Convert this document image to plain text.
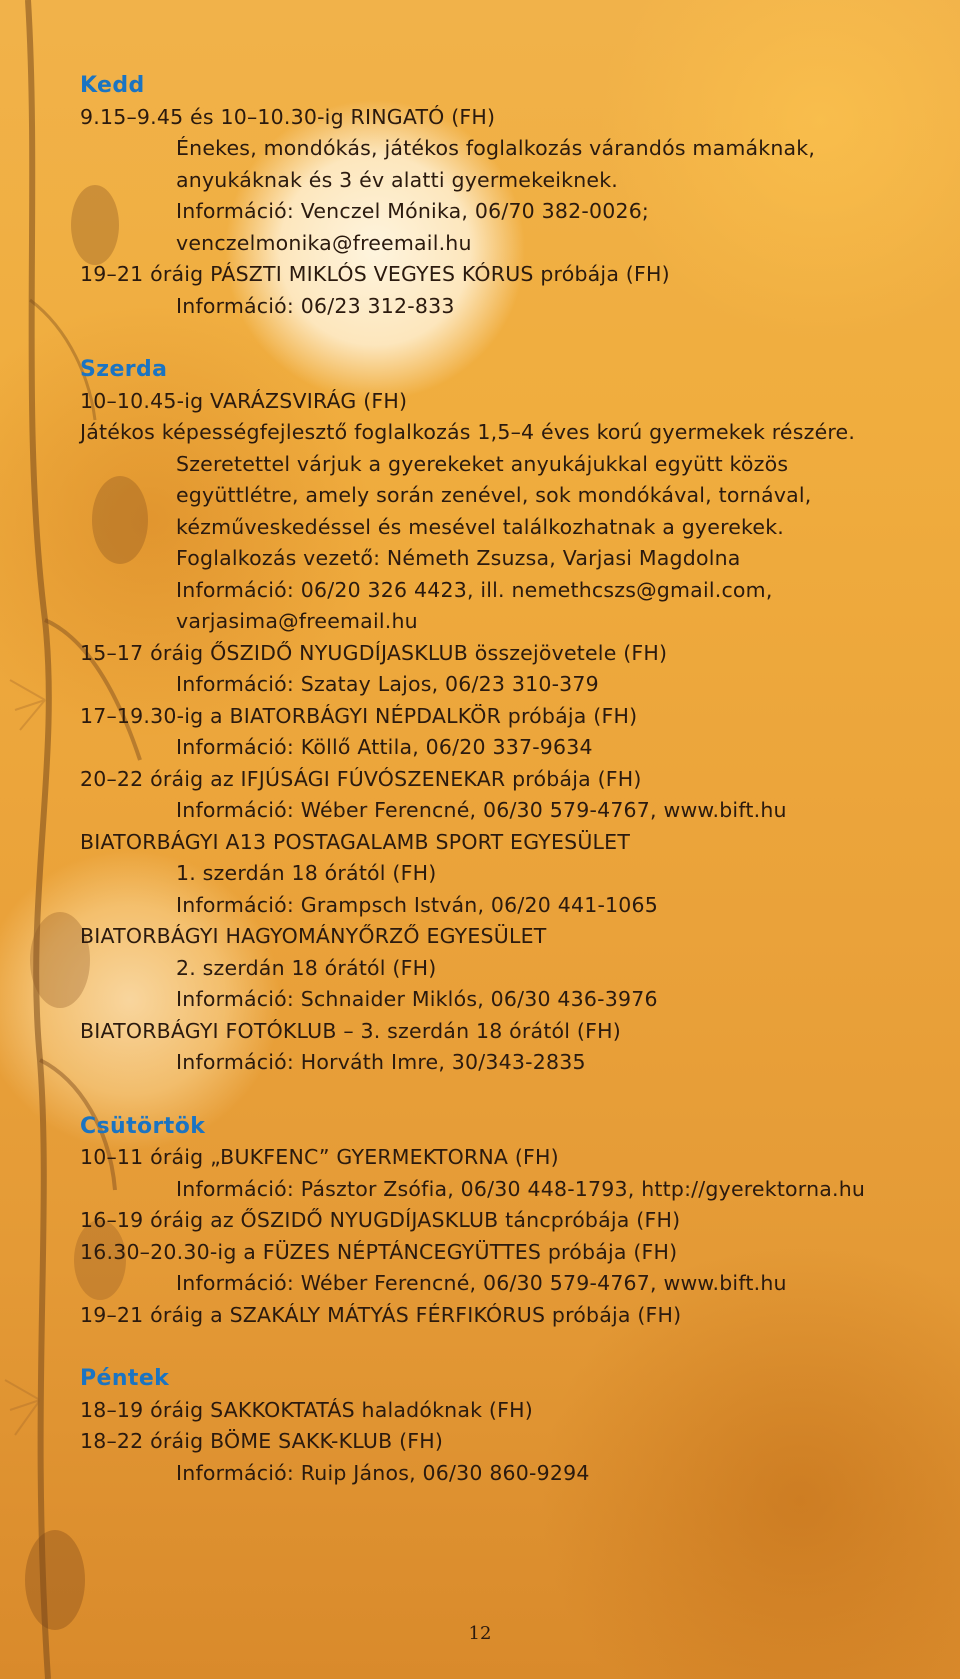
Kedd
9.15–9.45 és 10–10.30-ig RINGATÓ (FH)
Énekes, mondókás, játékos foglalkozás várandós mamáknak,
anyukáknak és 3 év alatti gyermekeiknek.
Információ: Venczel Mónika, 06/70 382-0026;
venczelmonika@freemail.hu
19–21 óráig PÁSZTI MIKLÓS VEGYES KÓRUS próbája (FH)
Információ: 06/23 312-833
Szerda
10–10.45-ig VARÁZSVIRÁG (FH)
Játékos képességfejlesztő foglalkozás 1,5–4 éves korú gyermekek részére.
Szeretettel várjuk a gyerekeket anyukájukkal együtt közös
együttlétre, amely során zenével, sok mondókával, tornával,
kézműveskedéssel és mesével találkozhatnak a gyerekek.
Foglalkozás vezető: Németh Zsuzsa, Varjasi Magdolna
Információ: 06/20 326 4423, ill. nemethcszs@gmail.com,
varjasima@freemail.hu
15–17 óráig ŐSZIDŐ NYUGDÍJASKLUB összejövetele (FH)
Információ: Szatay Lajos, 06/23 310-379
17–19.30-ig a BIATORBÁGYI NÉPDALKÖR próbája (FH)
Információ: Köllő Attila, 06/20 337-9634
20–22 óráig az IFJÚSÁGI FÚVÓSZENEKAR próbája (FH)
Információ: Wéber Ferencné, 06/30 579-4767, www.bift.hu
BIATORBÁGYI A13 POSTAGALAMB SPORT EGYESÜLET
1. szerdán 18 órától (FH)
Információ: Grampsch István, 06/20 441-1065
BIATORBÁGYI HAGYOMÁNYŐRZŐ EGYESÜLET
2. szerdán 18 órától (FH)
Információ: Schnaider Miklós, 06/30 436-3976
BIATORBÁGYI FOTÓKLUB – 3. szerdán 18 órától (FH)
Információ: Horváth Imre, 30/343-2835
Csütörtök
10–11 óráig „BUKFENC” GYERMEKTORNA (FH)
Információ: Pásztor Zsófia, 06/30 448-1793, http://gyerektorna.hu
16–19 óráig az ŐSZIDŐ NYUGDÍJASKLUB táncpróbája (FH)
16.30–20.30-ig a FÜZES NÉPTÁNCEGYÜTTES próbája (FH)
Információ: Wéber Ferencné, 06/30 579-4767, www.bift.hu
19–21 óráig a SZAKÁLY MÁTYÁS FÉRFIKÓRUS próbája (FH)
Péntek
18–19 óráig SAKKOKTATÁS haladóknak (FH)
18–22 óráig BÖME SAKK-KLUB (FH)
Információ: Ruip János, 06/30 860-9294
12
